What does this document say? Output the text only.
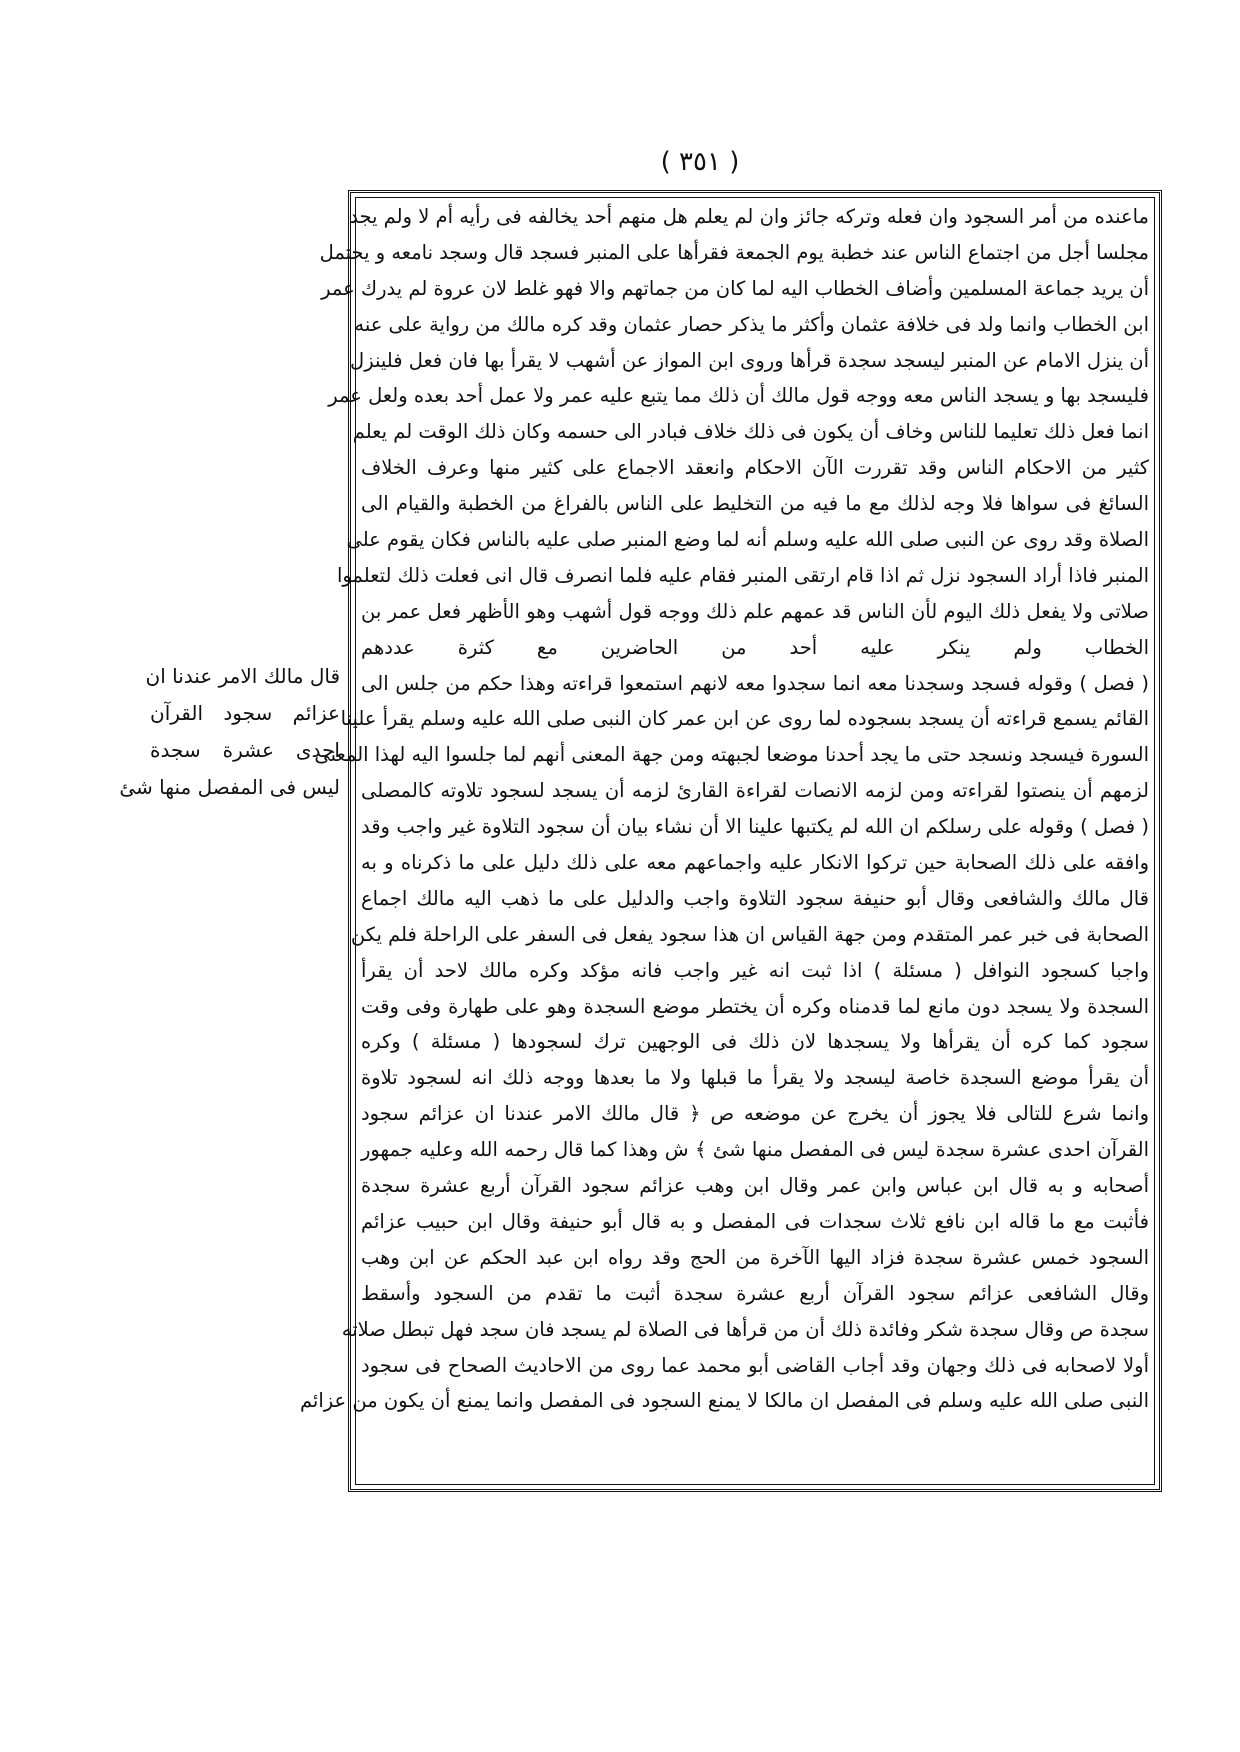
( ٣٥١ )
ماعنده من أمر السجود وان فعله وتركه جائز وان لم يعلم هل منهم أحد يخالفه فى رأيه أم لا ولم يجد
مجلسا أجل من اجتماع الناس عند خطبة يوم الجمعة فقرأها على المنبر فسجد قال وسجد نامعه و يحتمل
أن يريد جماعة المسلمين وأضاف الخطاب اليه لما كان من جماتهم والا فهو غلط لان عروة لم يدرك عمر
ابن الخطاب وانما ولد فى خلافة عثمان وأكثر ما يذكر حصار عثمان وقد كره مالك من رواية على عنه
أن ينزل الامام عن المنبر ليسجد سجدة قرأها وروى ابن المواز عن أشهب لا يقرأ بها فان فعل فلينزل
فليسجد بها و يسجد الناس معه ووجه قول مالك أن ذلك مما يتبع عليه عمر ولا عمل أحد بعده ولعل عمر
انما فعل ذلك تعليما للناس وخاف أن يكون فى ذلك خلاف فبادر الى حسمه وكان ذلك الوقت لم يعلم
كثير من الاحكام الناس وقد تقررت الآن الاحكام وانعقد الاجماع على كثير منها وعرف الخلاف
السائغ فى سواها فلا وجه لذلك مع ما فيه من التخليط على الناس بالفراغ من الخطبة والقيام الى
الصلاة وقد روى عن النبى صلى الله عليه وسلم أنه لما وضع المنبر صلى عليه بالناس فكان يقوم على
المنبر فاذا أراد السجود نزل ثم اذا قام ارتقى المنبر فقام عليه فلما انصرف قال انى فعلت ذلك لتعلموا
صلاتى ولا يفعل ذلك اليوم لأن الناس قد عمهم علم ذلك ووجه قول أشهب وهو الأظهر فعل عمر بن
الخطاب ولم ينكر عليه أحد من الحاضرين مع كثرة عددهم
( فصل ) وقوله فسجد وسجدنا معه انما سجدوا معه لانهم استمعوا قراءته وهذا حكم من جلس الى
القائم يسمع قراءته أن يسجد بسجوده لما روى عن ابن عمر كان النبى صلى الله عليه وسلم يقرأ علينا
السورة فيسجد ونسجد حتى ما يجد أحدنا موضعا لجبهته ومن جهة المعنى أنهم لما جلسوا اليه لهذا المعنى
لزمهم أن ينصتوا لقراءته ومن لزمه الانصات لقراءة القارئ لزمه أن يسجد لسجود تلاوته كالمصلى
( فصل ) وقوله على رسلكم ان الله لم يكتبها علينا الا أن نشاء بيان أن سجود التلاوة غير واجب وقد
وافقه على ذلك الصحابة حين تركوا الانكار عليه واجماعهم معه على ذلك دليل على ما ذكرناه و به
قال مالك والشافعى وقال أبو حنيفة سجود التلاوة واجب والدليل على ما ذهب اليه مالك اجماع
الصحابة فى خبر عمر المتقدم ومن جهة القياس ان هذا سجود يفعل فى السفر على الراحلة فلم يكن
واجبا كسجود النوافل ( مسئلة ) اذا ثبت انه غير واجب فانه مؤكد وكره مالك لاحد أن يقرأ
السجدة ولا يسجد دون مانع لما قدمناه وكره أن يختطر موضع السجدة وهو على طهارة وفى وقت
سجود كما كره أن يقرأها ولا يسجدها لان ذلك فى الوجهين ترك لسجودها ( مسئلة ) وكره
أن يقرأ موضع السجدة خاصة ليسجد ولا يقرأ ما قبلها ولا ما بعدها ووجه ذلك انه لسجود تلاوة
وانما شرع للتالى فلا يجوز أن يخرج عن موضعه ص ﴿ قال مالك الامر عندنا ان عزائم سجود
القرآن احدى عشرة سجدة ليس فى المفصل منها شئ ﴾ ش وهذا كما قال رحمه الله وعليه جمهور
أصحابه و به قال ابن عباس وابن عمر وقال ابن وهب عزائم سجود القرآن أربع عشرة سجدة
فأثبت مع ما قاله ابن نافع ثلاث سجدات فى المفصل و به قال أبو حنيفة وقال ابن حبيب عزائم
السجود خمس عشرة سجدة فزاد اليها الآخرة من الحج وقد رواه ابن عبد الحكم عن ابن وهب
وقال الشافعى عزائم سجود القرآن أربع عشرة سجدة أثبت ما تقدم من السجود وأسقط
سجدة ص وقال سجدة شكر وفائدة ذلك أن من قرأها فى الصلاة لم يسجد فان سجد فهل تبطل صلاته
أولا لاصحابه فى ذلك وجهان وقد أجاب القاضى أبو محمد عما روى من الاحاديث الصحاح فى سجود
النبى صلى الله عليه وسلم فى المفصل ان مالكا لا يمنع السجود فى المفصل وانما يمنع أن يكون من عزائم
قال مالك الامر عندنا ان
عزائم سجود القرآن
احدى عشرة سجدة
ليس فى المفصل منها شئ
